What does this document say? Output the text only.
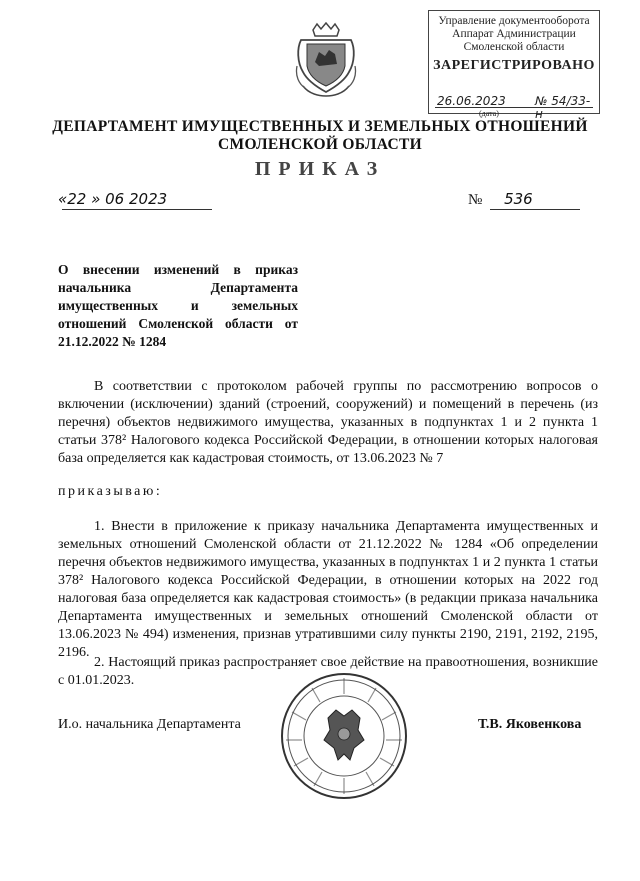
Управление документооборота
Аппарат Администрации
Смоленской области
ЗАРЕГИСТРИРОВАНО
26.06.2023 № 54/33-н
(дата)
ДЕПАРТАМЕНТ ИМУЩЕСТВЕННЫХ И ЗЕМЕЛЬНЫХ ОТНОШЕНИЙ
СМОЛЕНСКОЙ ОБЛАСТИ
ПРИКАЗ
«22 » 06 2023	№ 536
О внесении изменений в приказ начальника Департамента имущественных и земельных отношений Смоленской области от 21.12.2022 № 1284
В соответствии с протоколом рабочей группы по рассмотрению вопросов о включении (исключении) зданий (строений, сооружений) и помещений в перечень (из перечня) объектов недвижимого имущества, указанных в подпунктах 1 и 2 пункта 1 статьи 378² Налогового кодекса Российской Федерации, в отношении которых налоговая база определяется как кадастровая стоимость, от 13.06.2023 № 7
приказываю:
1. Внести в приложение к приказу начальника Департамента имущественных и земельных отношений Смоленской области от 21.12.2022 № 1284 «Об определении перечня объектов недвижимого имущества, указанных в подпунктах 1 и 2 пункта 1 статьи 378² Налогового кодекса Российской Федерации, в отношении которых на 2022 год налоговая база определяется как кадастровая стоимость» (в редакции приказа начальника Департамента имущественных и земельных отношений Смоленской области от 13.06.2023 № 494) изменения, признав утратившими силу пункты 2190, 2191, 2192, 2195, 2196.
2. Настоящий приказ распространяет свое действие на правоотношения, возникшие с 01.01.2023.
И.о. начальника Департамента	Т.В. Яковенкова
